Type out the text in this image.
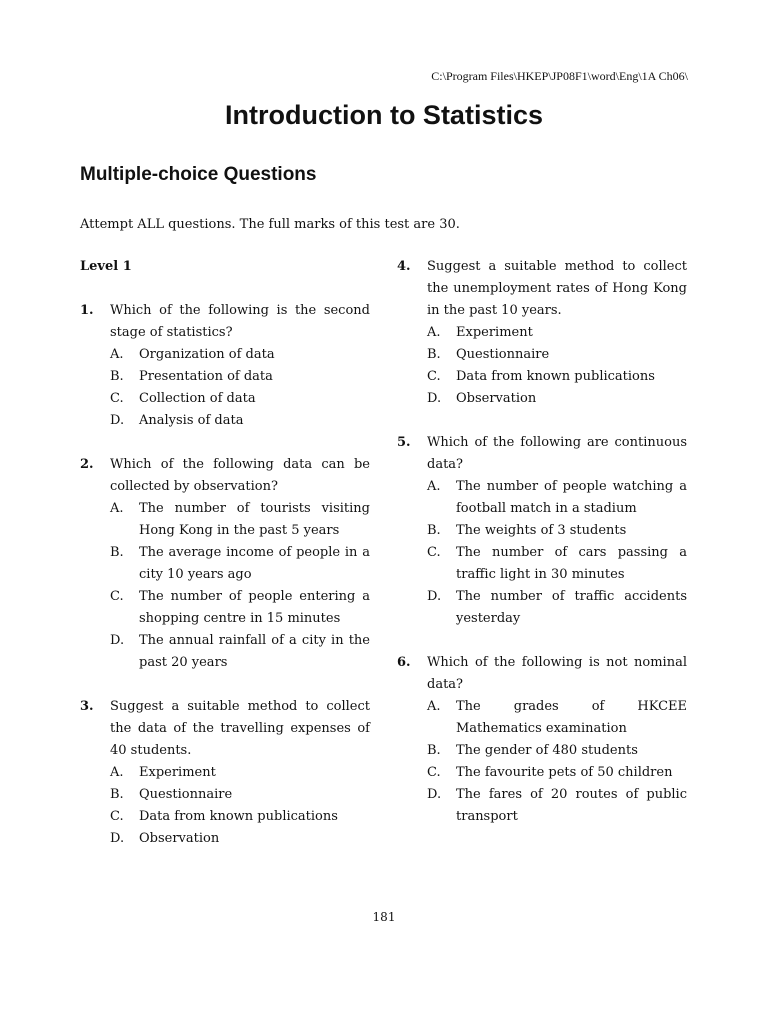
C:\Program Files\HKEP\JP08F1\word\Eng\1A Ch06\
Introduction to Statistics
Multiple-choice Questions
Attempt ALL questions. The full marks of this test are 30.
Level 1
1. Which of the following is the second stage of statistics?
A. Organization of data
B. Presentation of data
C. Collection of data
D. Analysis of data
2. Which of the following data can be collected by observation?
A. The number of tourists visiting Hong Kong in the past 5 years
B. The average income of people in a city 10 years ago
C. The number of people entering a shopping centre in 15 minutes
D. The annual rainfall of a city in the past 20 years
3. Suggest a suitable method to collect the data of the travelling expenses of 40 students.
A. Experiment
B. Questionnaire
C. Data from known publications
D. Observation
4. Suggest a suitable method to collect the unemployment rates of Hong Kong in the past 10 years.
A. Experiment
B. Questionnaire
C. Data from known publications
D. Observation
5. Which of the following are continuous data?
A. The number of people watching a football match in a stadium
B. The weights of 3 students
C. The number of cars passing a traffic light in 30 minutes
D. The number of traffic accidents yesterday
6. Which of the following is not nominal data?
A. The grades of HKCEE Mathematics examination
B. The gender of 480 students
C. The favourite pets of 50 children
D. The fares of 20 routes of public transport
181
